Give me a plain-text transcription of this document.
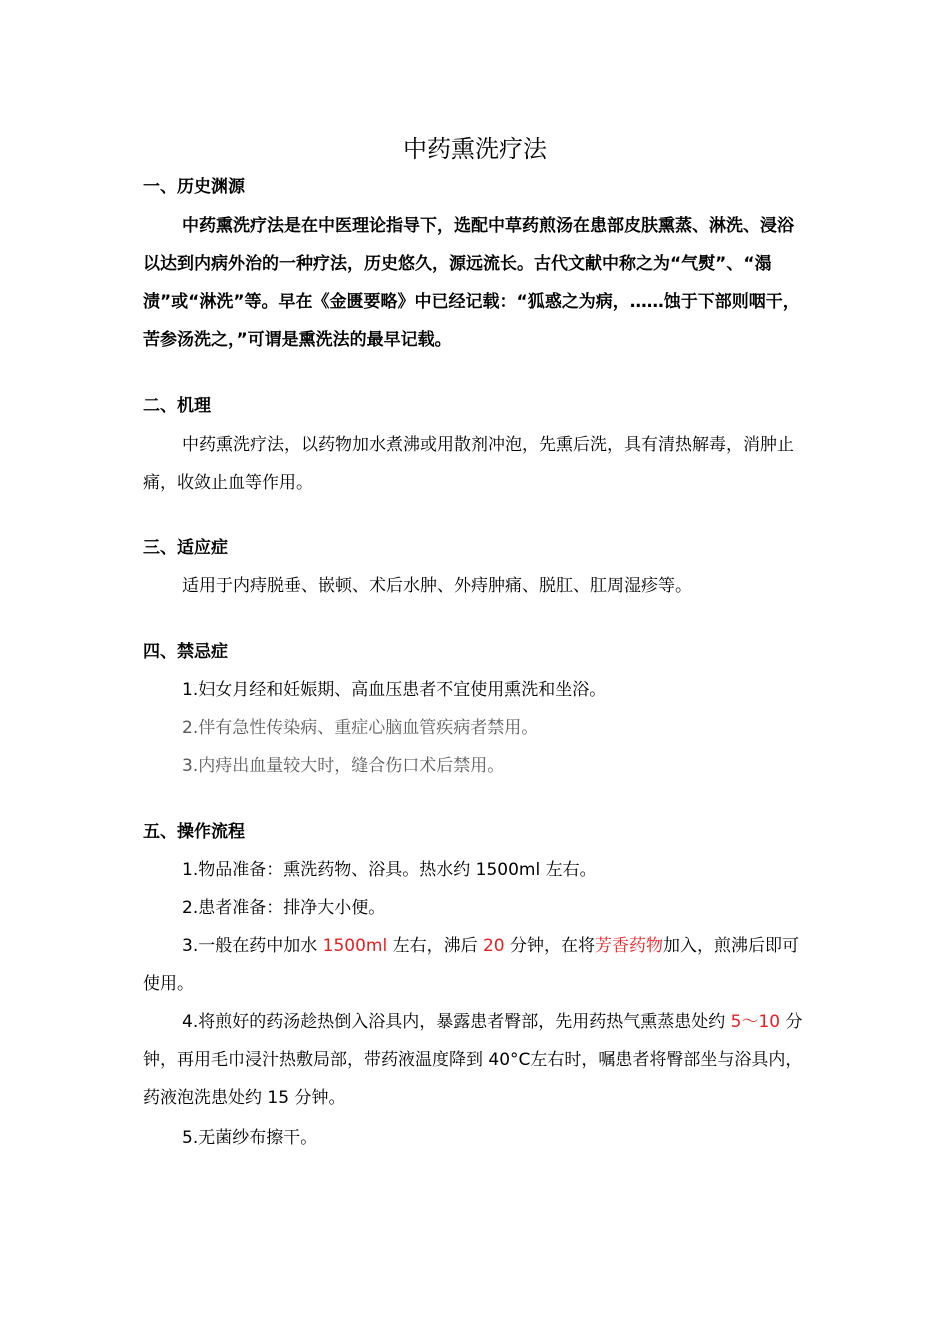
中药熏洗疗法
一、历史渊源

中药熏洗疗法是在中医理论指导下，选配中草药煎汤在患部皮肤熏蒸、淋洗、浸浴以达到内病外治的一种疗法，历史悠久，源远流长。古代文献中称之为“气熨”、“溻渍”或“淋洗”等。早在《金匮要略》中已经记载：“狐惑之为病，……蚀于下部则咽干，苦参汤洗之，”可谓是熏洗法的最早记载。

二、机理

中药熏洗疗法，以药物加水煮沸或用散剂冲泡，先熏后洗，具有清热解毒，消肿止痛，收敛止血等作用。

三、适应症
适用于内痔脱垂、嵌顿、术后水肿、外痔肿痛、脱肛、肛周湿疹等。
四、禁忌症
1.妇女月经和妊娠期、高血压患者不宜使用熏洗和坐浴。
2.伴有急性传染病、重症心脑血管疾病者禁用。
3.内痔出血量较大时，缝合伤口术后禁用。
五、操作流程
1.物品准备：熏洗药物、浴具。热水约 1500ml 左右。
2.患者准备：排净大小便。

3.一般在药中加水 1500ml 左右，沸后 20 分钟，在将芳香药物加入，煎沸后即可使用。

4.将煎好的药汤趁热倒入浴具内，暴露患者臀部，先用药热气熏蒸患处约 5～10 分钟，再用毛巾浸汁热敷局部，带药液温度降到 40°C左右时，嘱患者将臀部坐与浴具内，药液泡洗患处约 15 分钟。

5.无菌纱布擦干。
